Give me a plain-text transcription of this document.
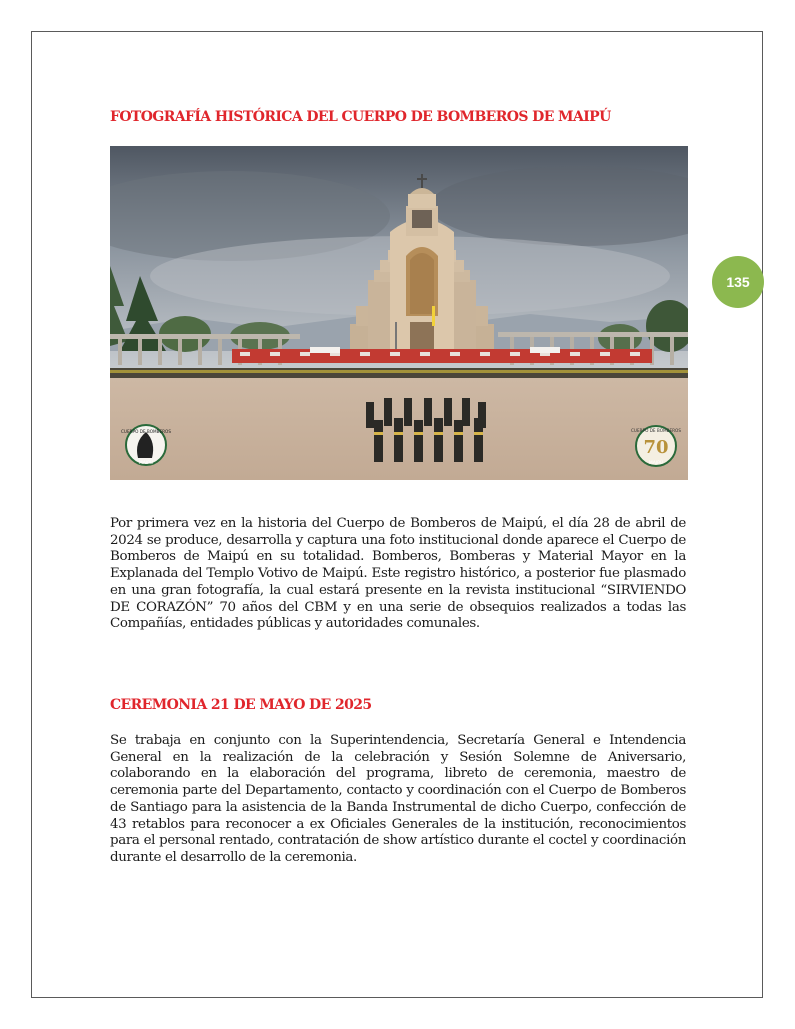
FOTOGRAFÍA HISTÓRICA DEL CUERPO DE BOMBEROS DE MAIPÚ
CUERPO DE BOMBEROS
MAIPÚ
CUERPO DE BOMBEROS
70
MAIPÚ
135

Por primera vez en la historia del Cuerpo de Bomberos de Maipú, el día 28 de abril de 2024 se produce, desarrolla y captura una foto institucional donde aparece el Cuerpo de Bomberos de Maipú en su totalidad. Bomberos, Bomberas y Material Mayor en la Explanada del Templo Votivo de Maipú. Este registro histórico, a posterior fue plasmado en una gran fotografía, la cual estará presente en la revista institucional “SIRVIENDO DE CORAZÓN” 70 años del CBM y en una serie de obsequios realizados a todas las Compañías, entidades públicas y autoridades comunales.

CEREMONIA 21 DE MAYO DE 2025

Se trabaja en conjunto con la Superintendencia, Secretaría General e Intendencia General en la realización de la celebración y Sesión Solemne de Aniversario, colaborando en la elaboración del programa, libreto de ceremonia, maestro de ceremonia parte del Departamento, contacto y coordinación con el Cuerpo de Bomberos de Santiago para la asistencia de la Banda Instrumental de dicho Cuerpo, confección de 43 retablos para reconocer a ex Oficiales Generales de la institución, reconocimientos para el personal rentado, contratación de show artístico durante el coctel y coordinación durante el desarrollo de la ceremonia.
